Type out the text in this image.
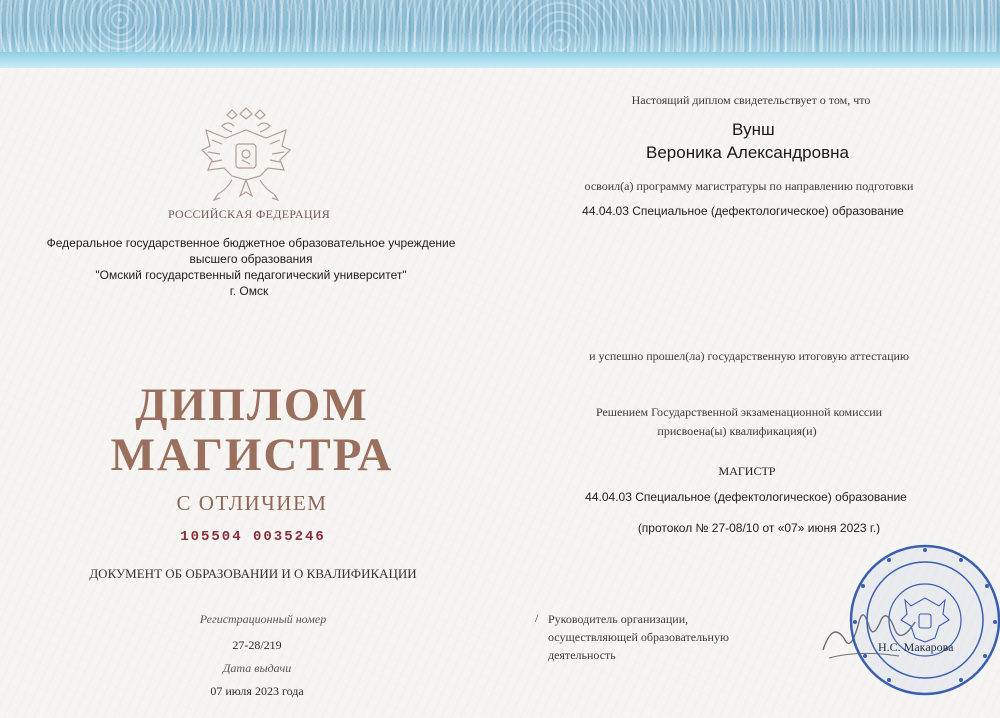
РОССИЙСКАЯ ФЕДЕРАЦИЯ
Федеральное государственное бюджетное образовательное учреждение
высшего образования
"Омский государственный педагогический университет"
г. Омск
ДИПЛОМ
МАГИСТРА
С ОТЛИЧИЕМ
105504 0035246
ДОКУМЕНТ ОБ ОБРАЗОВАНИИ И О КВАЛИФИКАЦИИ
Регистрационный номер
27-28/219
Дата выдачи
07 июля 2023 года
Настоящий диплом свидетельствует о том, что
Вунш
Вероника Александровна
освоил(а) программу магистратуры по направлению подготовки
44.04.03 Специальное (дефектологическое) образование
и успешно прошел(ла) государственную итоговую аттестацию
Решением Государственной экзаменационной комиссии
присвоена(ы) квалификация(и)
МАГИСТР
44.04.03 Специальное (дефектологическое) образование
(протокол № 27-08/10 от «07» июня 2023 г.)
/ Руководитель организации,
осуществляющей образовательную
деятельность
Н.С. Макарова
